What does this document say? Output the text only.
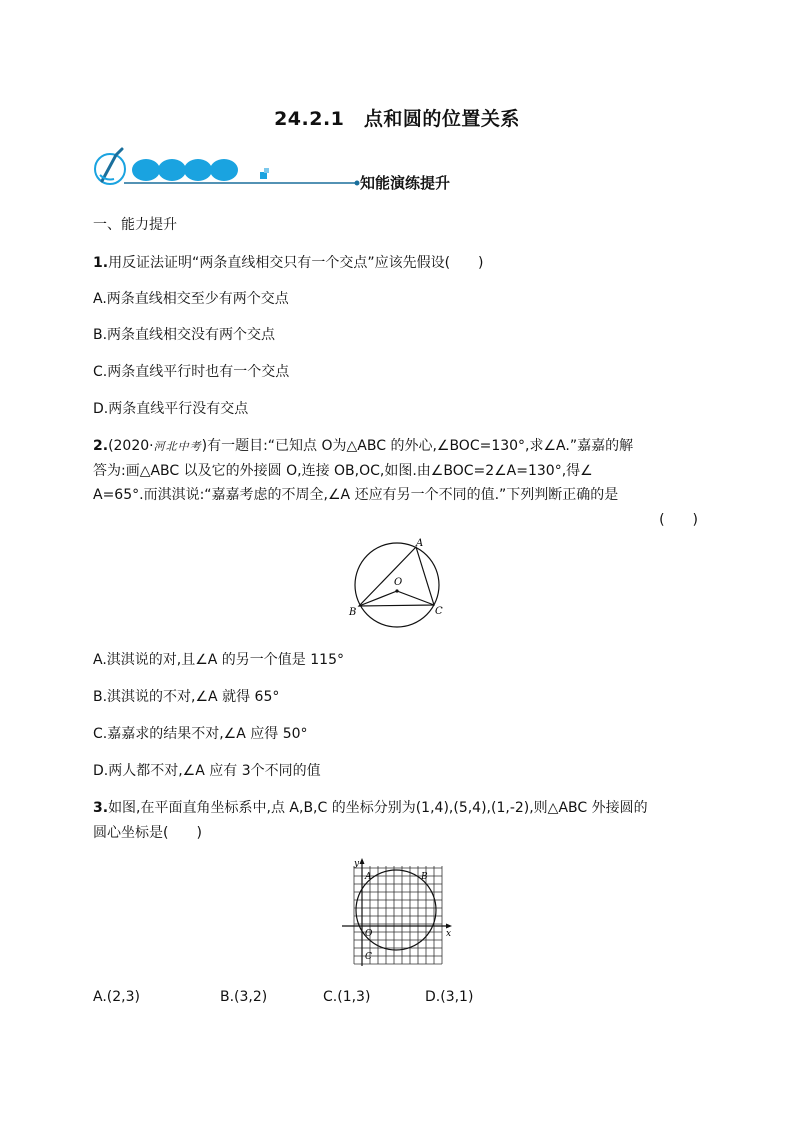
24.2.1　点和圆的位置关系
知能演练提升
一、能力提升
1.用反证法证明“两条直线相交只有一个交点”应该先假设(　　)
A.两条直线相交至少有两个交点
B.两条直线相交没有两个交点
C.两条直线平行时也有一个交点
D.两条直线平行没有交点
2.(2020·河北中考)有一题目:“已知点 O为△ABC 的外心,∠BOC=130°,求∠A.”嘉嘉的解
答为:画△ABC 以及它的外接圆 O,连接 OB,OC,如图.由∠BOC=2∠A=130°,得∠
A=65°.而淇淇说:“嘉嘉考虑的不周全,∠A 还应有另一个不同的值.”下列判断正确的是
(　　)
A
B	C
O
A.淇淇说的对,且∠A 的另一个值是 115°
B.淇淇说的不对,∠A 就得 65°
C.嘉嘉求的结果不对,∠A 应得 50°
D.两人都不对,∠A 应有 3个不同的值
3.如图,在平面直角坐标系中,点 A,B,C 的坐标分别为(1,4),(5,4),(1,-2),则△ABC 外接圆的
圆心坐标是(　　)
y
x
O
A	B
C
A.(2,3)	B.(3,2)	C.(1,3)	D.(3,1)
